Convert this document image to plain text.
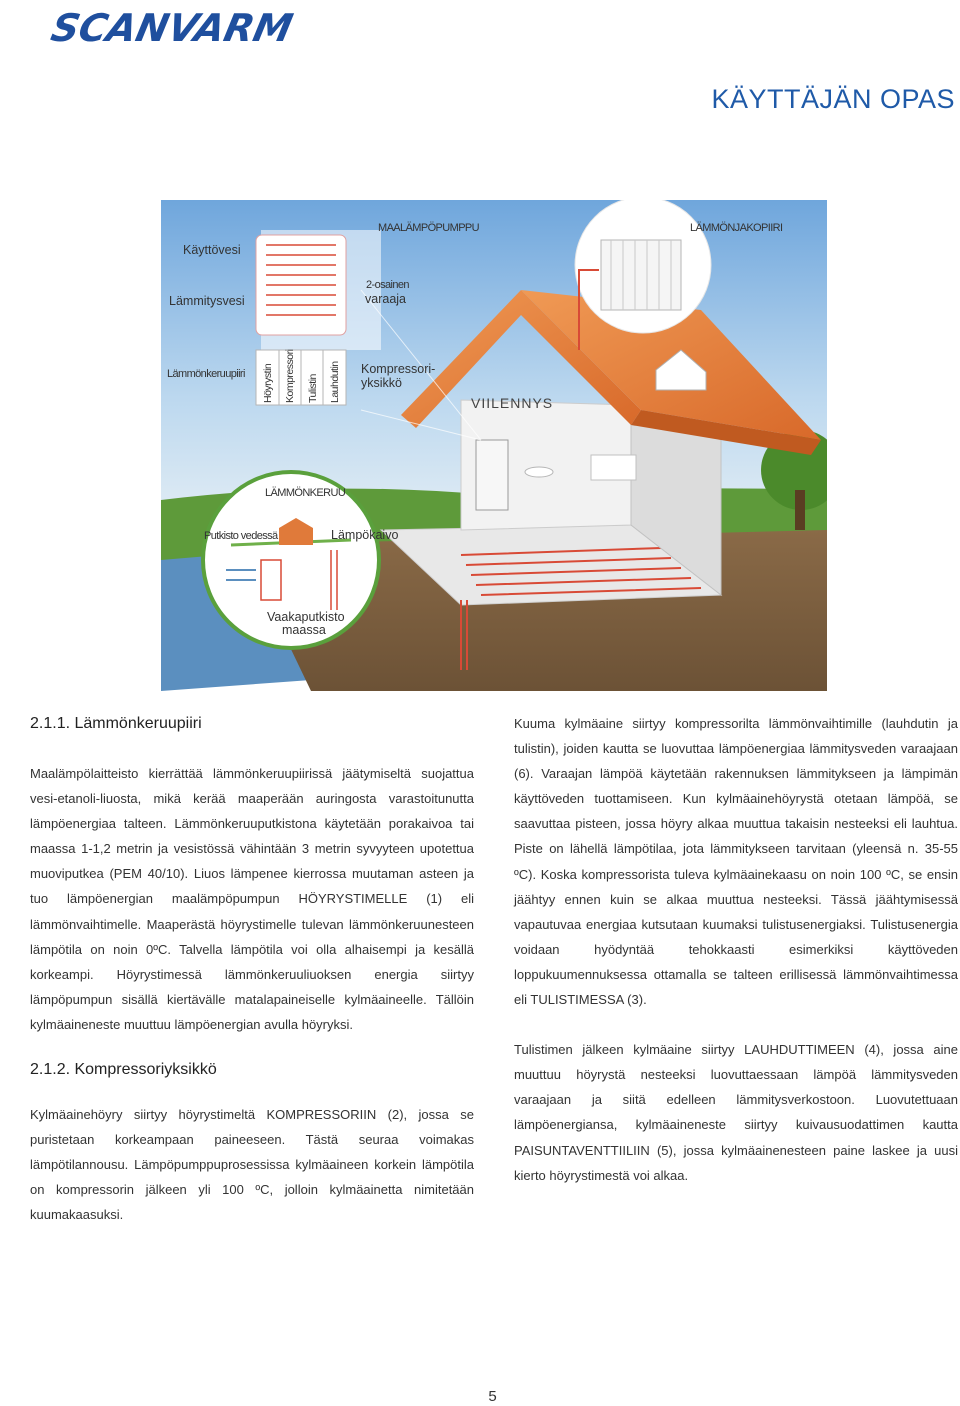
SCANVARM
KÄYTTÄJÄN OPAS
Käyttövesi
Lämmitysvesi
MAALÄMPÖPUMPPU	LÄMMÖNJAKOPIIRI
2-osainen
varaaja
Lämmönkeruupiiri Höyrystin Kompressori Tulistin Lauhdutin Kompressori-
yksikkö
VIILENNYS
LÄMMÖNKERUU
Putkisto vedessä	Lämpökaivo
Vaakaputkisto
maassa
2.1.1. Lämmönkeruupiiri

Maalämpölaitteisto kierrättää lämmönkeruupiirissä jäätymiseltä suojattua vesi-etanoli-liuosta, mikä kerää maaperään auringosta varastoitunutta lämpöenergiaa talteen. Lämmönkeruuputkistona käytetään porakaivoa tai maassa 1-1,2 metrin ja vesistössä vähintään 3 metrin syvyyteen upotettua muoviputkea (PEM 40/10). Liuos lämpenee kierrossa muutaman asteen ja tuo lämpöenergian maalämpöpumpun HÖYRYSTIMELLE (1) eli lämmönvaihtimelle. Maaperästä höyrystimelle tulevan lämmönkeruunesteen lämpötila on noin 0ºC. Talvella lämpötila voi olla alhaisempi ja kesällä korkeampi. Höyrystimessä lämmönkeruuliuoksen energia siirtyy lämpöpumpun sisällä kiertävälle matalapaineiselle kylmäaineelle. Tällöin kylmäaineneste muuttuu lämpöenergian avulla höyryksi.

2.1.2. Kompressoriyksikkö

Kylmäainehöyry siirtyy höyrystimeltä KOMPRESSORIIN (2), jossa se puristetaan korkeampaan paineeseen. Tästä seuraa voimakas lämpötilannousu. Lämpöpumppuprosessissa kylmäaineen korkein lämpötila on kompressorin jälkeen yli 100 ºC, jolloin kylmäainetta nimitetään kuumakaasuksi.

Kuuma kylmäaine siirtyy kompressorilta lämmönvaihtimille (lauhdutin ja tulistin), joiden kautta se luovuttaa lämpöenergiaa lämmitysveden varaajaan (6). Varaajan lämpöä käytetään rakennuksen lämmitykseen ja lämpimän käyttöveden tuottamiseen. Kun kylmäainehöyrystä otetaan lämpöä, se saavuttaa pisteen, jossa höyry alkaa muuttua takaisin nesteeksi eli lauhtua. Piste on lähellä lämpötilaa, jota lämmitykseen tarvitaan (yleensä n. 35-55 ºC). Koska kompressorista tuleva kylmäainekaasu on noin 100 ºC, se ensin jäähtyy ennen kuin se alkaa muuttua nesteeksi. Tässä jäähtymisessä vapautuvaa energiaa kutsutaan kuumaksi tulistusenergiaksi. Tulistusenergia voidaan hyödyntää tehokkaasti esimerkiksi käyttöveden loppukuumennuksessa ottamalla se talteen erillisessä lämmönvaihtimessa eli TULISTIMESSA (3).

Tulistimen jälkeen kylmäaine siirtyy LAUHDUTTIMEEN (4), jossa aine muuttuu höyrystä nesteeksi luovuttaessaan lämpöä lämmitysveden varaajaan ja siitä edelleen lämmitysverkostoon. Luovutettuaan lämpöenergiansa, kylmäaineneste siirtyy kuivausuodattimen kautta PAISUNTAVENTTIILIIN (5), jossa kylmäainenesteen paine laskee ja uusi kierto höyrystimestä voi alkaa.

5
